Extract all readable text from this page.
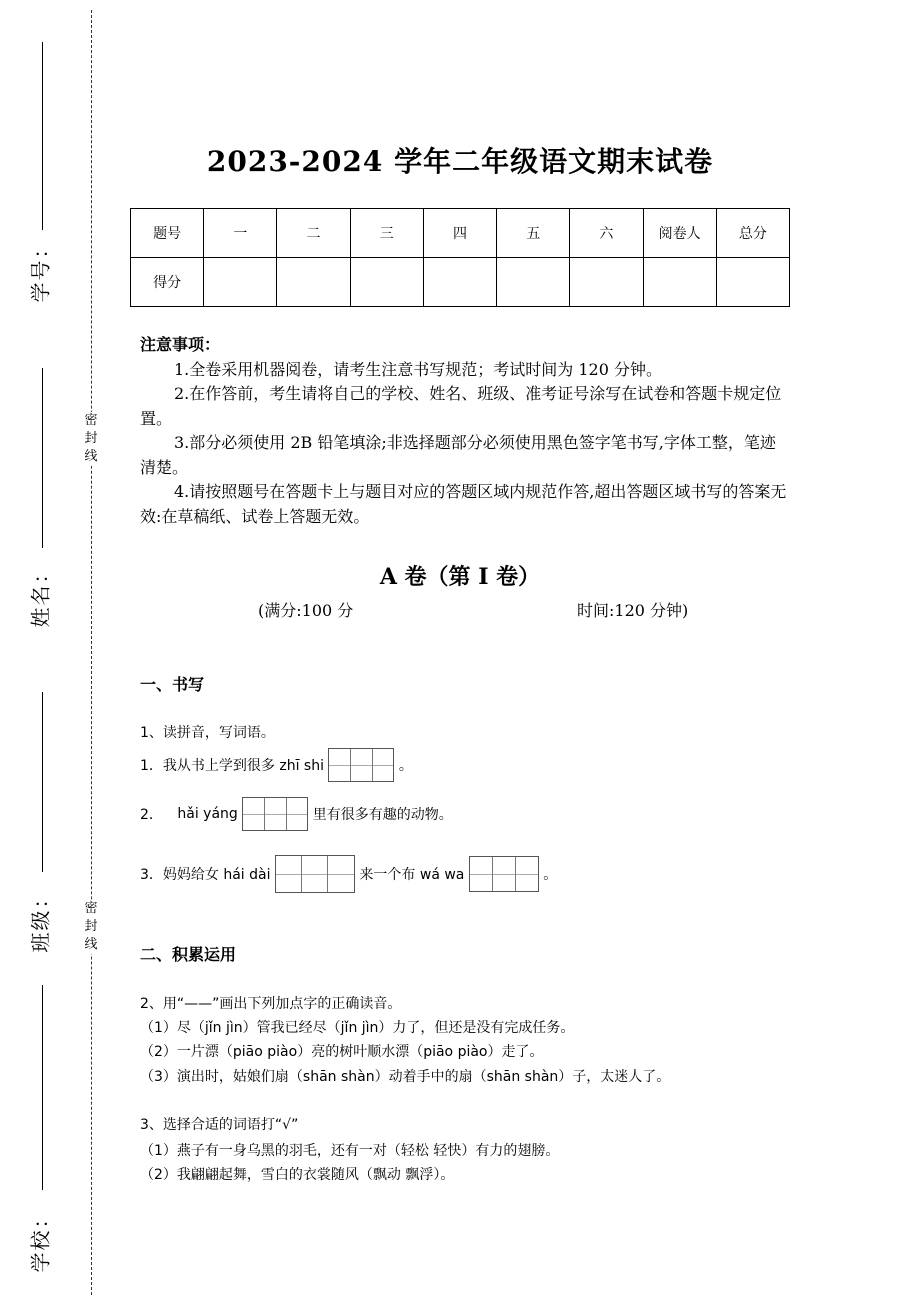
学号：
姓名：
班级：
学校：
密封线
密封线
2023-2024 学年二年级语文期末试卷
题号	一	二	三	四	五	六	阅卷人	总分
得分								

注意事项：

1.全卷采用机器阅卷，请考生注意书写规范；考试时间为 120 分钟。

2.在作答前，考生请将自己的学校、姓名、班级、准考证号涂写在试卷和答题卡规定位置。

3.部分必须使用 2B 铅笔填涂;非选择题部分必须使用黑色签字笔书写,字体工整，笔迹清楚。

4.请按照题号在答题卡上与题目对应的答题区域内规范作答,超出答题区域书写的答案无效:在草稿纸、试卷上答题无效。

A 卷（第 I 卷）
(满分:100 分	时间:120 分钟)
一、书写
1、读拼音，写词语。
1．我从书上学到很多 zhī shi	。
2． hǎi yáng	里有很多有趣的动物。
3．妈妈给女 hái dài	来一个布 wá wa	。
二、积累运用
2、用“——”画出下列加点字的正确读音。
（1）尽（jǐn jìn）管我已经尽（jǐn jìn）力了，但还是没有完成任务。
（2）一片漂（piāo piào）亮的树叶顺水漂（piāo piào）走了。
（3）演出时，姑娘们扇（shān shàn）动着手中的扇（shān shàn）子，太迷人了。
3、选择合适的词语打“√”
（1）燕子有一身乌黑的羽毛，还有一对（轻松 轻快）有力的翅膀。
（2）我翩翩起舞，雪白的衣裳随风（飘动 飘浮）。
